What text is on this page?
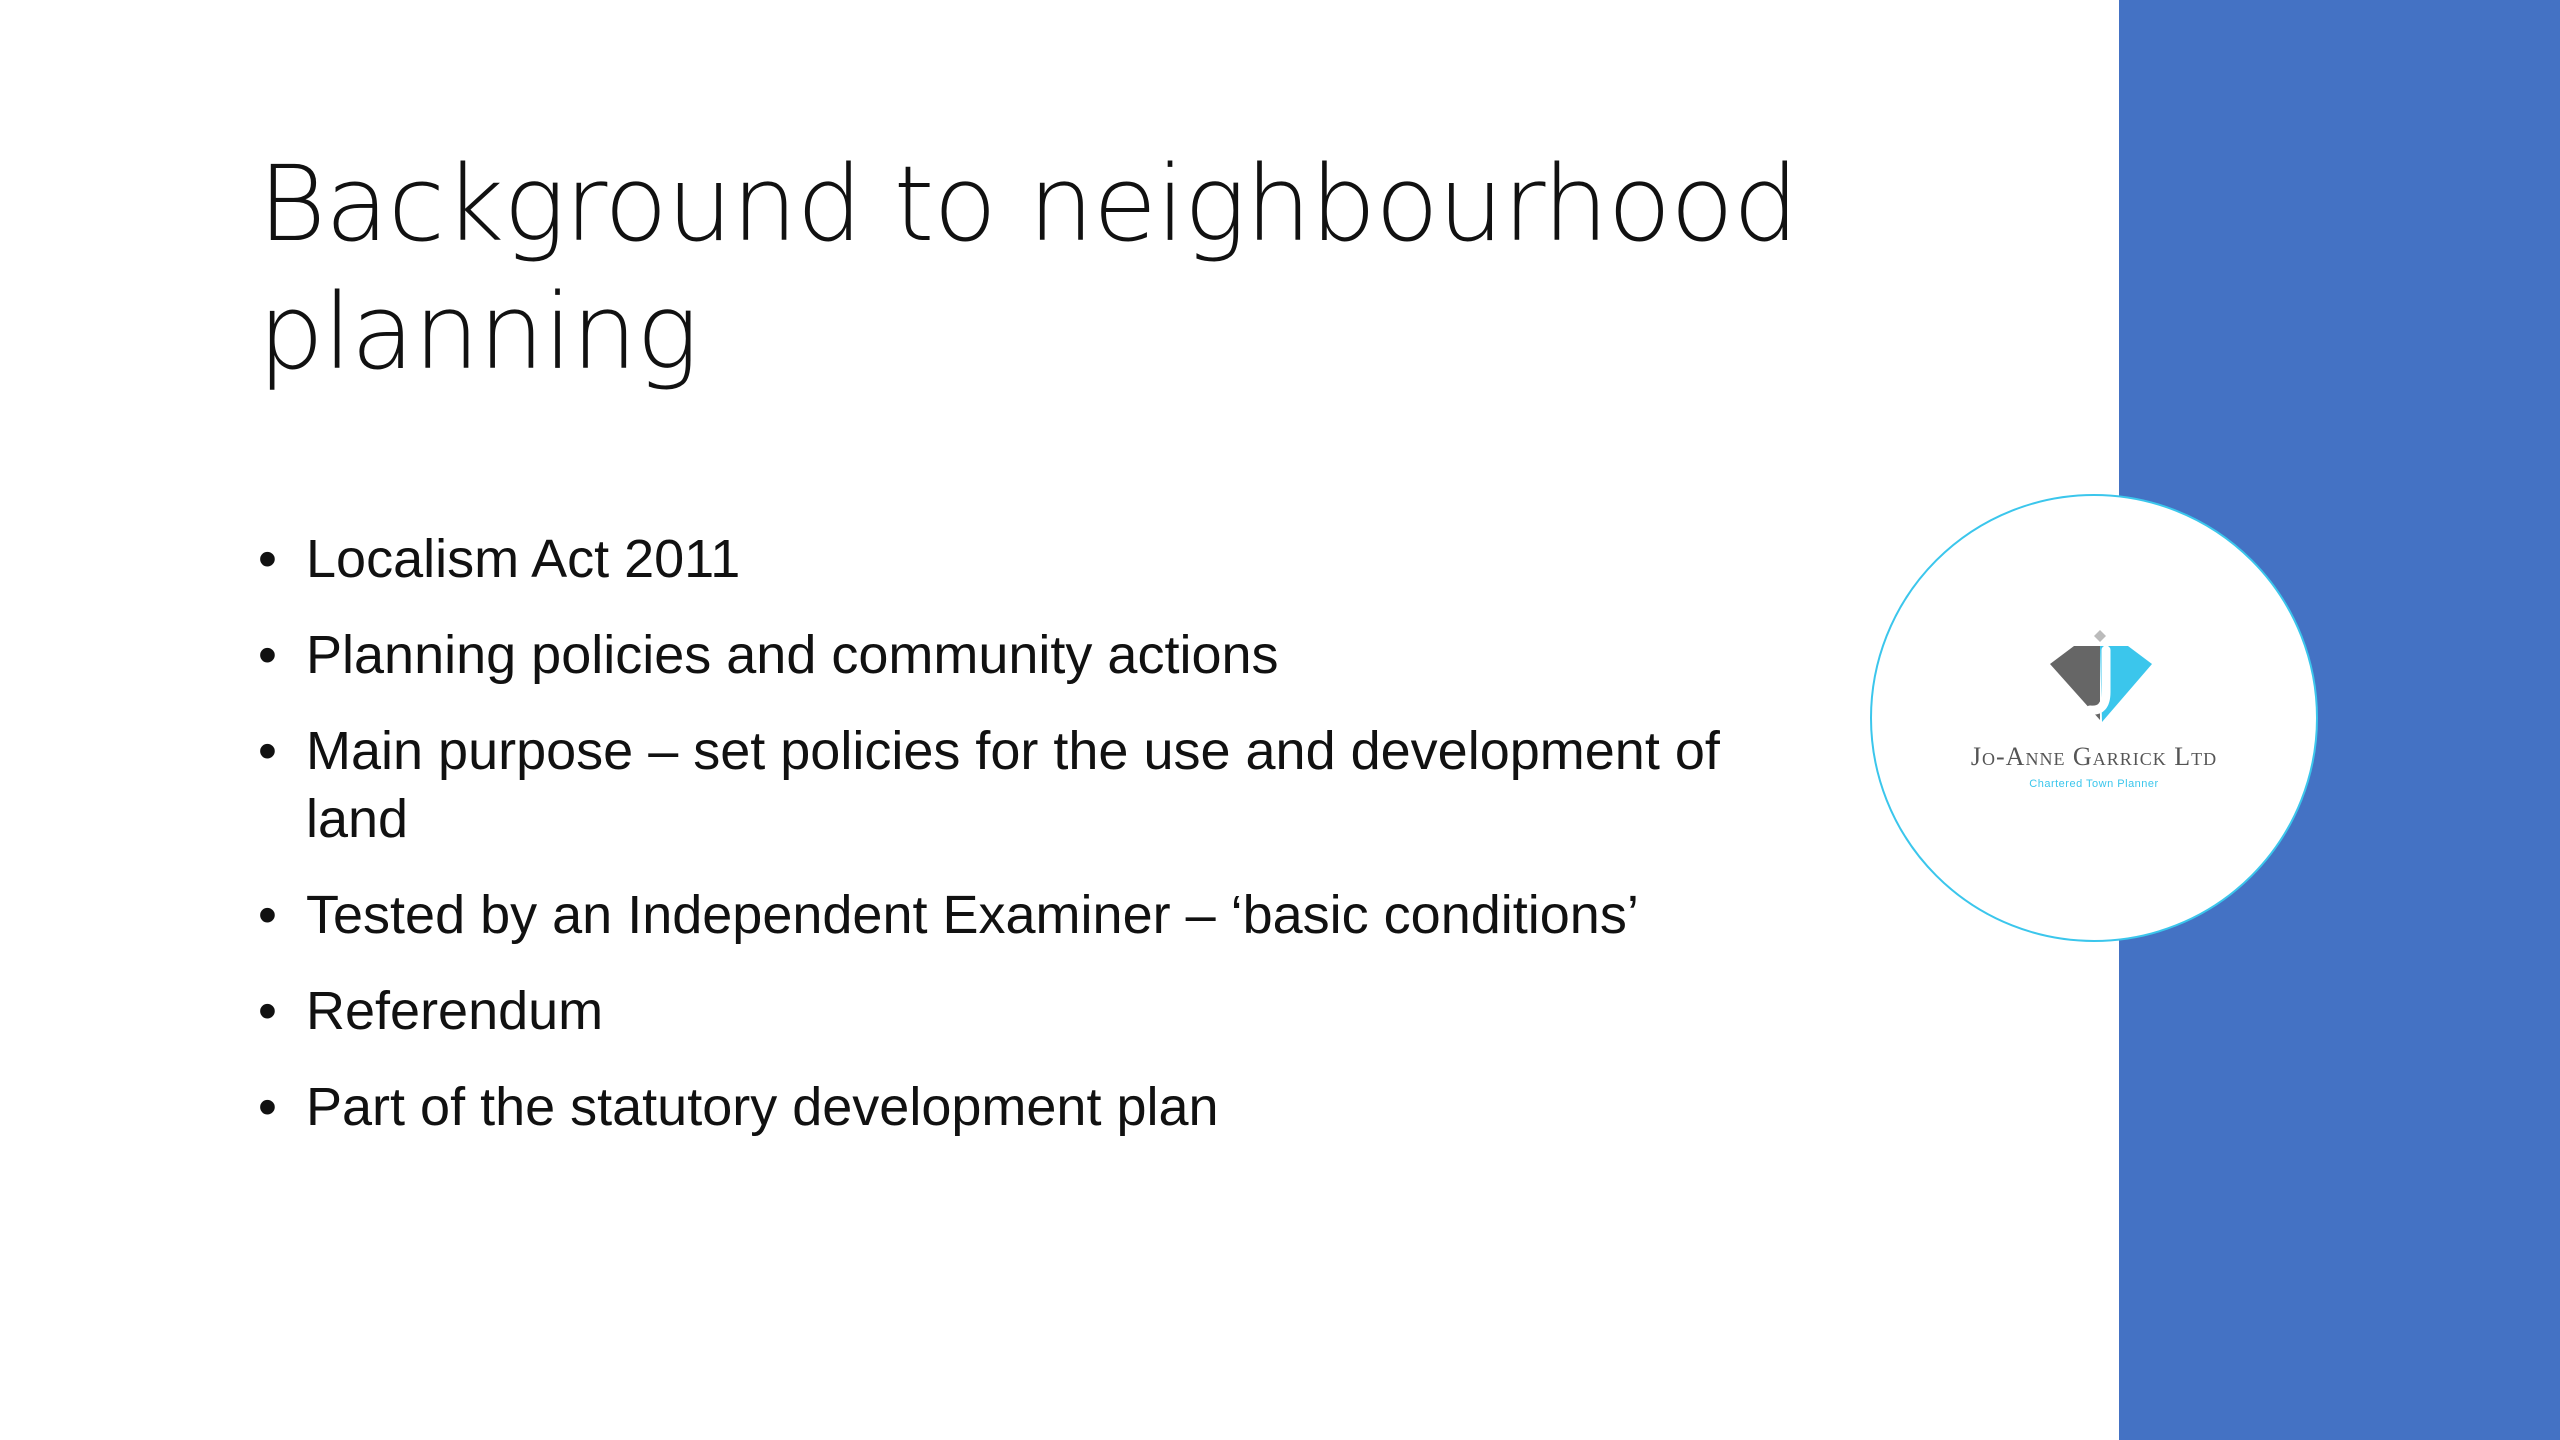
Background to neighbourhood planning
• Localism Act 2011
• Planning policies and community actions
• Main purpose – set policies for the use and development of land
• Tested by an Independent Examiner – ‘basic conditions’
• Referendum
• Part of the statutory development plan
Jo-Anne Garrick Ltd
Chartered Town Planner
